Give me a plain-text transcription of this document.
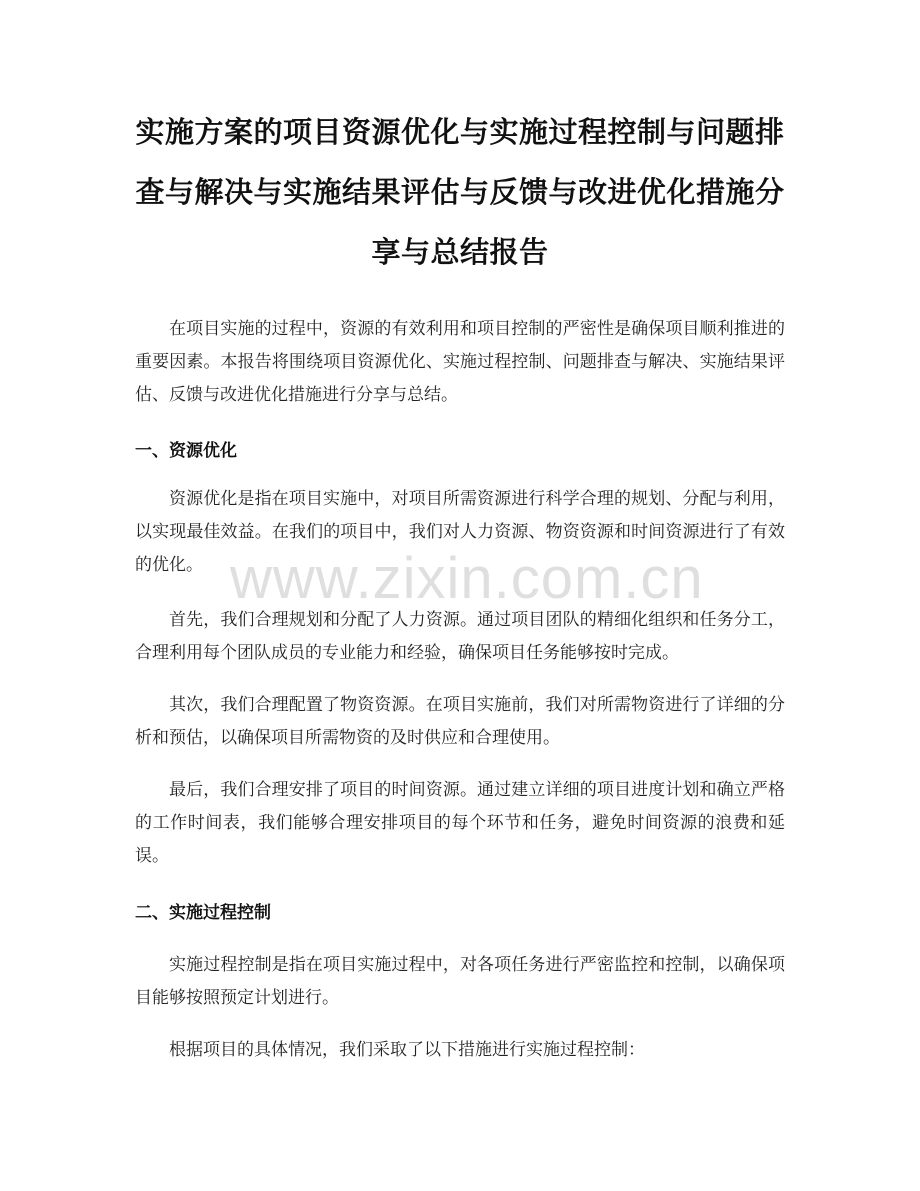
实施方案的项目资源优化与实施过程控制与问题排查与解决与实施结果评估与反馈与改进优化措施分享与总结报告

在项目实施的过程中，资源的有效利用和项目控制的严密性是确保项目顺利推进的重要因素。本报告将围绕项目资源优化、实施过程控制、问题排查与解决、实施结果评估、反馈与改进优化措施进行分享与总结。

一、资源优化

资源优化是指在项目实施中，对项目所需资源进行科学合理的规划、分配与利用，以实现最佳效益。在我们的项目中，我们对人力资源、物资资源和时间资源进行了有效的优化。

首先，我们合理规划和分配了人力资源。通过项目团队的精细化组织和任务分工，合理利用每个团队成员的专业能力和经验，确保项目任务能够按时完成。

其次，我们合理配置了物资资源。在项目实施前，我们对所需物资进行了详细的分析和预估，以确保项目所需物资的及时供应和合理使用。

最后，我们合理安排了项目的时间资源。通过建立详细的项目进度计划和确立严格的工作时间表，我们能够合理安排项目的每个环节和任务，避免时间资源的浪费和延误。

二、实施过程控制

实施过程控制是指在项目实施过程中，对各项任务进行严密监控和控制，以确保项目能够按照预定计划进行。

根据项目的具体情况，我们采取了以下措施进行实施过程控制：

www.zixin.com.cn
